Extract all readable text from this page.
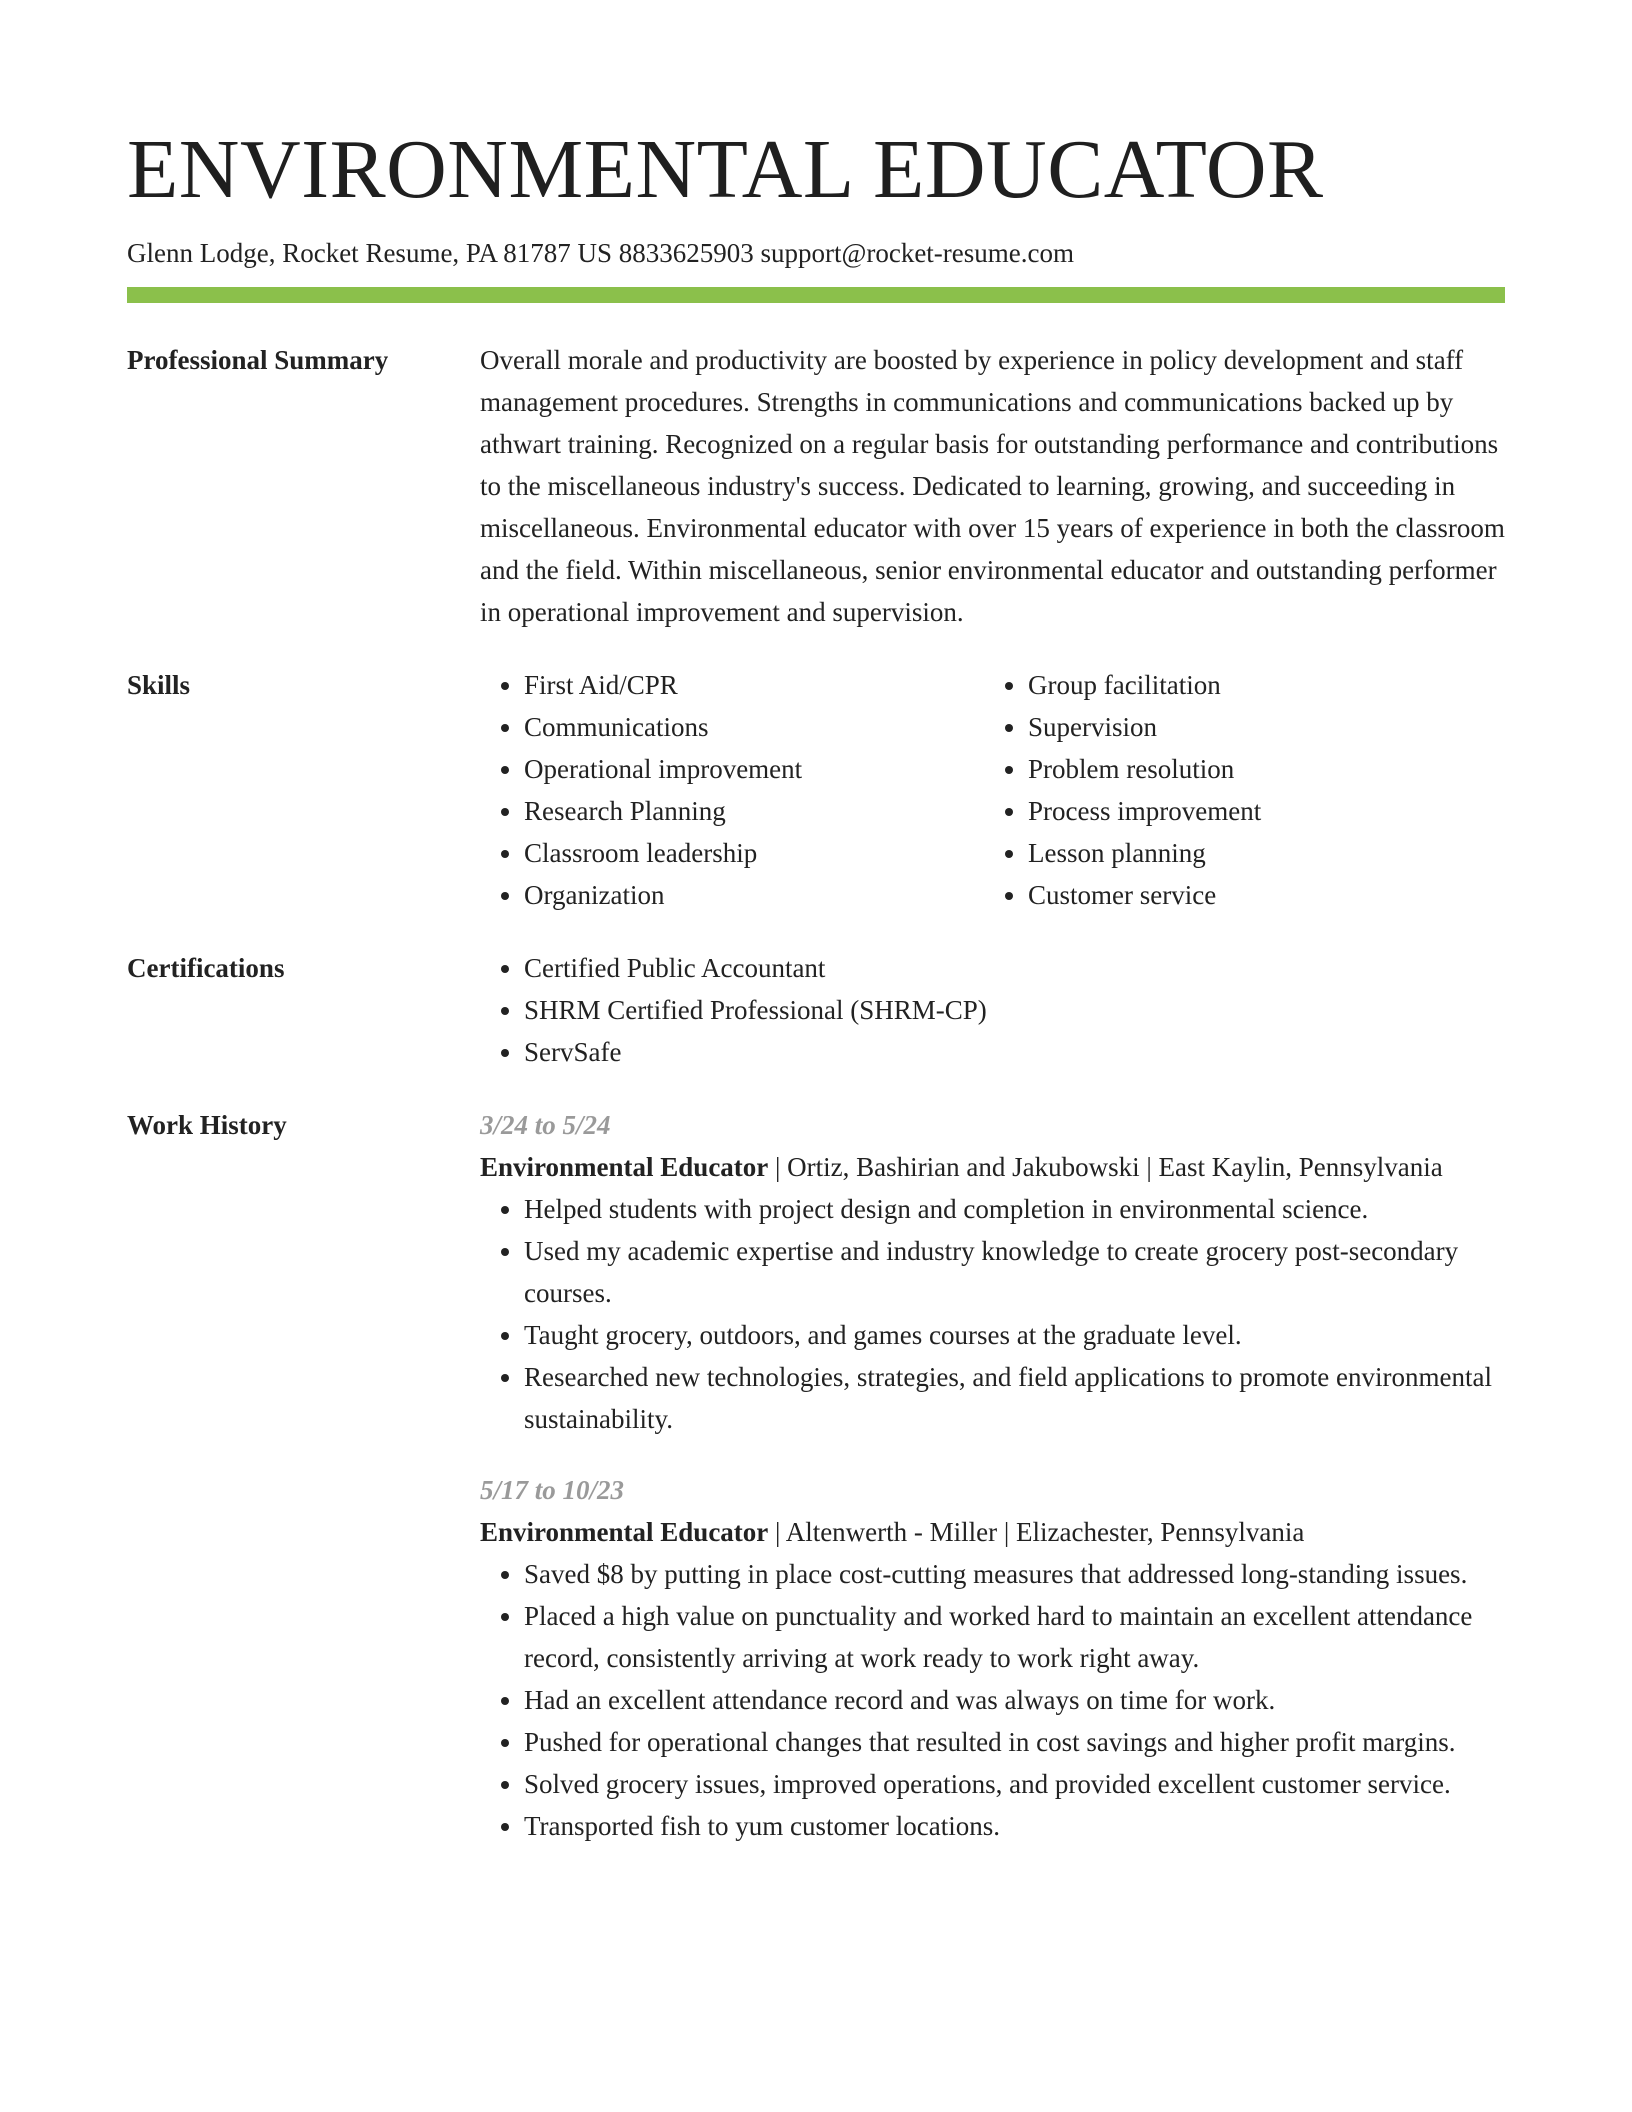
ENVIRONMENTAL EDUCATOR
Glenn Lodge, Rocket Resume, PA 81787 US 8833625903 support@rocket-resume.com
Professional Summary	Overall morale and productivity are boosted by experience in policy development and staff management procedures. Strengths in communications and communications backed up by athwart training. Recognized on a regular basis for outstanding performance and contributions to the miscellaneous industry's success. Dedicated to learning, growing, and succeeding in miscellaneous. Environmental educator with over 15 years of experience in both the classroom and the field. Within miscellaneous, senior environmental educator and outstanding performer in operational improvement and supervision.

Skills	• First Aid/CPR
• Communications
• Operational improvement
• Research Planning
• Classroom leadership
• Organization
• Group facilitation
• Supervision
• Problem resolution
• Process improvement
• Lesson planning
• Customer service
Certifications	• Certified Public Accountant
• SHRM Certified Professional (SHRM-CP)
• ServSafe
Work History	3/24 to 5/24

Environmental Educator | Ortiz, Bashirian and Jakubowski | East Kaylin, Pennsylvania

• Helped students with project design and completion in environmental science.
• Used my academic expertise and industry knowledge to create grocery post-secondary courses.
• Taught grocery, outdoors, and games courses at the graduate level.
• Researched new technologies, strategies, and field applications to promote environmental sustainability.
5/17 to 10/23

Environmental Educator | Altenwerth - Miller | Elizachester, Pennsylvania

• Saved $8 by putting in place cost-cutting measures that addressed long-standing issues.
• Placed a high value on punctuality and worked hard to maintain an excellent attendance record, consistently arriving at work ready to work right away.
• Had an excellent attendance record and was always on time for work.
• Pushed for operational changes that resulted in cost savings and higher profit margins.
• Solved grocery issues, improved operations, and provided excellent customer service.
• Transported fish to yum customer locations.
